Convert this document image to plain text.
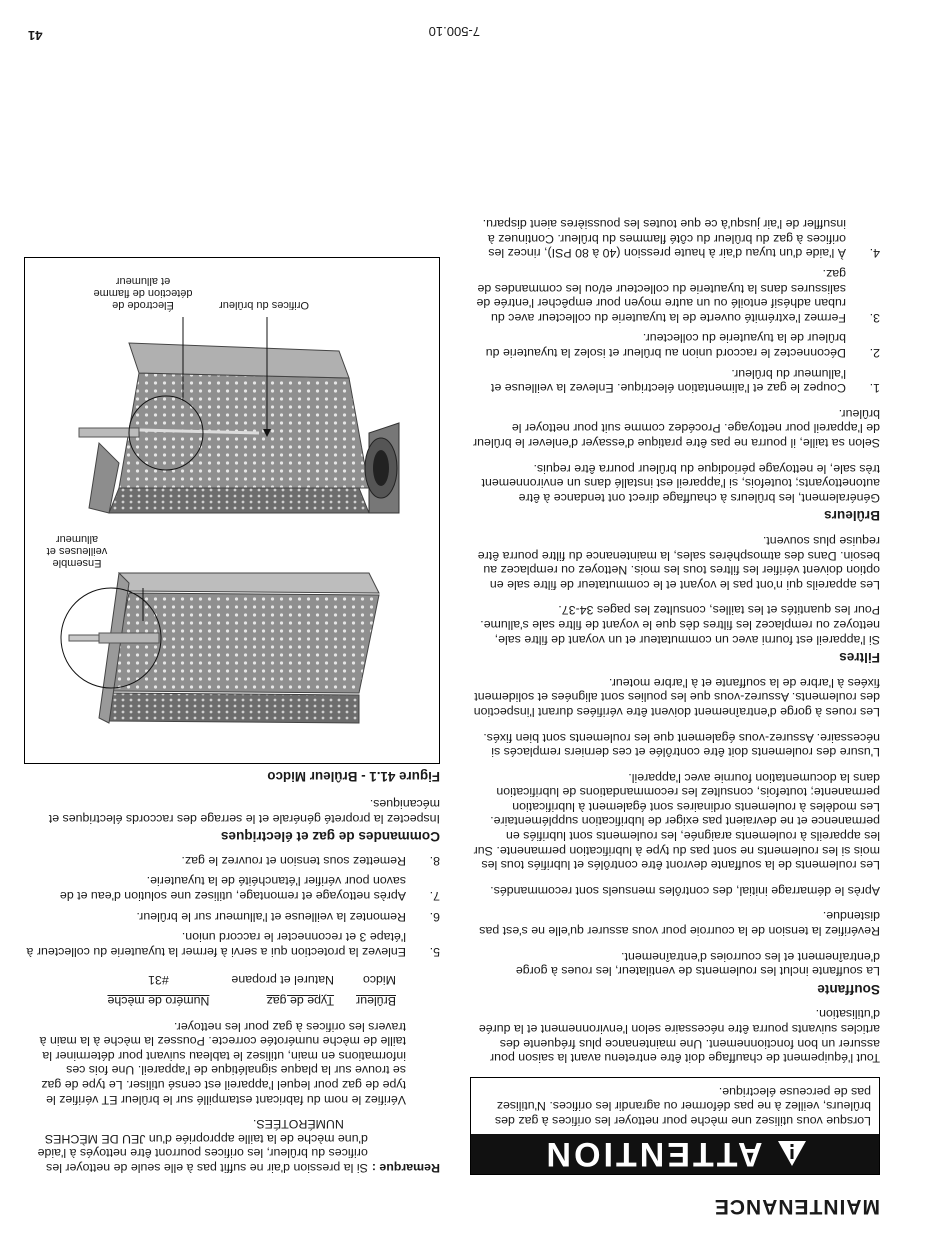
MAINTENANCE
ATTENTION
Lorsque vous utilisez une mèche pour nettoyer les orifices à gaz des brûleurs, veillez à ne pas déformer ou agrandir les orifices. N'utilisez pas de perceuse électrique.

Tout l'équipement de chauffage doit être entretenu avant la saison pour assurer un bon fonctionnement. Une maintenance plus fréquente des articles suivants pourra être nécessaire selon l'environnement et la durée d'utilisation.

Souffante

La souffante inclut les roulements de ventilateur, les roues à gorge d'entraînement et les courroies d'entraînement.

Revérifiez la tension de la courroie pour vous assurer qu'elle ne s'est pas distendue.

Après le démarrage initial, des contrôles mensuels sont recommandés.

Les roulements de la souffante devront être contrôlés et lubrifiés tous les mois si les roulements ne sont pas du type à lubrification permanente. Sur les appareils à roulements araignée, les roulements sont lubrifiés en permanence et ne devraient pas exiger de lubrification supplémentaire. Les modèles à roulements ordinaires sont également à lubrification permanente; toutefois, consultez les recommandations de lubrification dans la documentation fournie avec l'appareil.

L'usure des roulements doit être contrôlée et ces derniers remplacés si nécessaire. Assurez-vous également que les roulements sont bien fixés.

Les roues à gorge d'entraînement doivent être vérifiées durant l'inspection des roulements. Assurez-vous que les poulies sont alignées et solidement fixées à l'arbre de la souffante et à l'arbre moteur.

Filtres

Si l'appareil est fourni avec un commutateur et un voyant de filtre sale, nettoyez ou remplacez les filtres dès que le voyant de filtre sale s'allume. Pour les quantités et les tailles, consultez les pages 34-37.

Les appareils qui n'ont pas le voyant et le commutateur de filtre sale en option doivent vérifier les filtres tous les mois. Nettoyez ou remplacez au besoin. Dans des atmosphères sales, la maintenance du filtre pourra être requise plus souvent.

Brûleurs

Généralement, les brûleurs à chauffage direct ont tendance à être autonettoyants; toutefois, si l'appareil est installé dans un environnement très sale, le nettoyage périodique du brûleur pourra être requis.

Selon sa taille, il pourra ne pas être pratique d'essayer d'enlever le brûleur de l'appareil pour nettoyage. Procédez comme suit pour nettoyer le brûleur.

1.
Coupez le gaz et l'alimentation électrique. Enlevez la veilleuse et l'allumeur du brûleur.
2.
Déconnectez le raccord union au brûleur et isolez la tuyauterie du brûleur de la tuyauterie du collecteur.
3.
Fermez l'extrémité ouverte de la tuyauterie du collecteur avec du ruban adhésif entoilé ou un autre moyen pour empêcher l'entrée de salissures dans la tuyauterie du collecteur et/ou les commandes de gaz.
4.
À l'aide d'un tuyau d'air à haute pression (40 à 80 PSI), rincez les orifices à gaz du brûleur du côté flammes du brûleur. Continuez à insuffler de l'air jusqu'à ce que toutes les poussières aient disparu.
Remarque :
Si la pression d'air ne suffit pas à elle seule de nettoyer les orifices du brûleur, les orifices pourront être nettoyés à l'aide d'une mèche de la taille appropriée d'un JEU DE MÈCHES
NUMÉROTÉES.

Vérifiez le nom du fabricant estampillé sur le brûleur ET vérifiez le type de gaz pour lequel l'appareil est censé utiliser. Le type de gaz se trouve sur la plaque signalétique de l'appareil. Une fois ces informations en main, utilisez le tableau suivant pour déterminer la taille de mèche numérotée correcte. Poussez la mèche à la main à travers les orifices à gaz pour les nettoyer.

Brûleur	Type de gaz	Numéro de mèche
Midco	Naturel et propane	#31
5.
Enlevez la protection qui a servi à fermer la tuyauterie du collecteur à l'étape 3 et reconnecter le raccord union.
6.
Remontez la veilleuse et l'allumeur sur le brûleur.
7.
Après nettoyage et remontage, utilisez une solution d'eau et de savon pour vérifier l'étanchéité de la tuyauterie.
8.
Remettez sous tension et rouvrez le gaz.
Commandes de gaz et électriques

Inspectez la propreté générale et le serrage des raccords électriques et mécaniques.

Figure 41.1 - Brûleur Midco
Ensemble
veilleuses et
allumeur
Orifices du brûleur
Électrode de
détection de flamme
et allumeur
7-500.10
41
